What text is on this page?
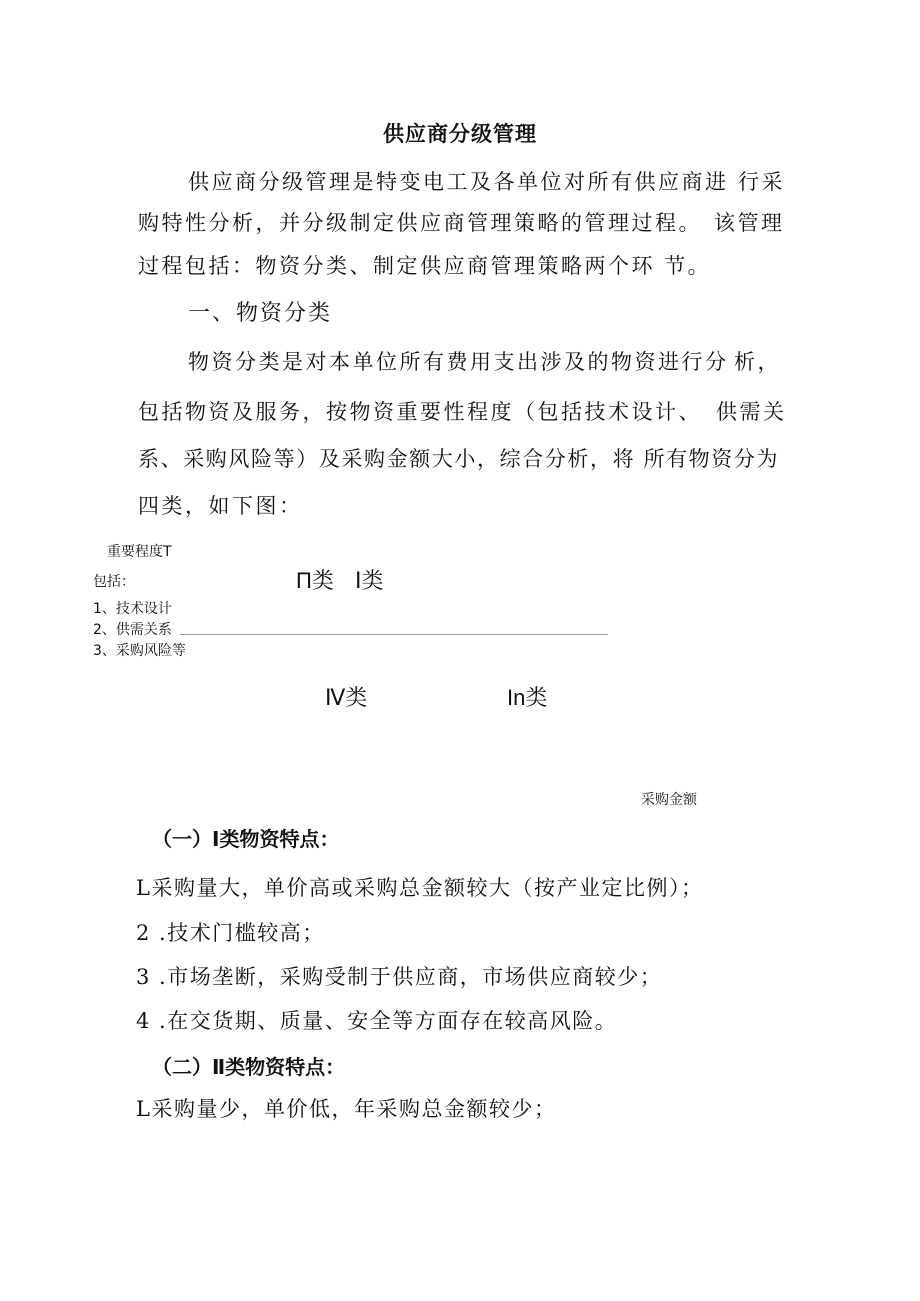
供应商分级管理
供应商分级管理是特变电工及各单位对所有供应商进 行采
购特性分析，并分级制定供应商管理策略的管理过程。 该管理
过程包括：物资分类、制定供应商管理策略两个环 节。
一、物资分类
物资分类是对本单位所有费用支出涉及的物资进行分 析，
包括物资及服务，按物资重要性程度（包括技术设计、 供需关
系、采购风险等）及采购金额大小，综合分析，将 所有物资分为
四类，如下图：
重要程度T
包括：	Π类 Ⅰ类
1、技术设计
2、供需关系
3、采购风险等
Ⅳ类	In类
采购金额
（一）Ⅰ类物资特点：
L采购量大，单价高或采购总金额较大（按产业定比例）；
2 .技术门槛较高；
3 .市场垄断，采购受制于供应商，市场供应商较少；
4 .在交货期、质量、安全等方面存在较高风险。
（二）Ⅱ类物资特点：
L采购量少，单价低，年采购总金额较少；
